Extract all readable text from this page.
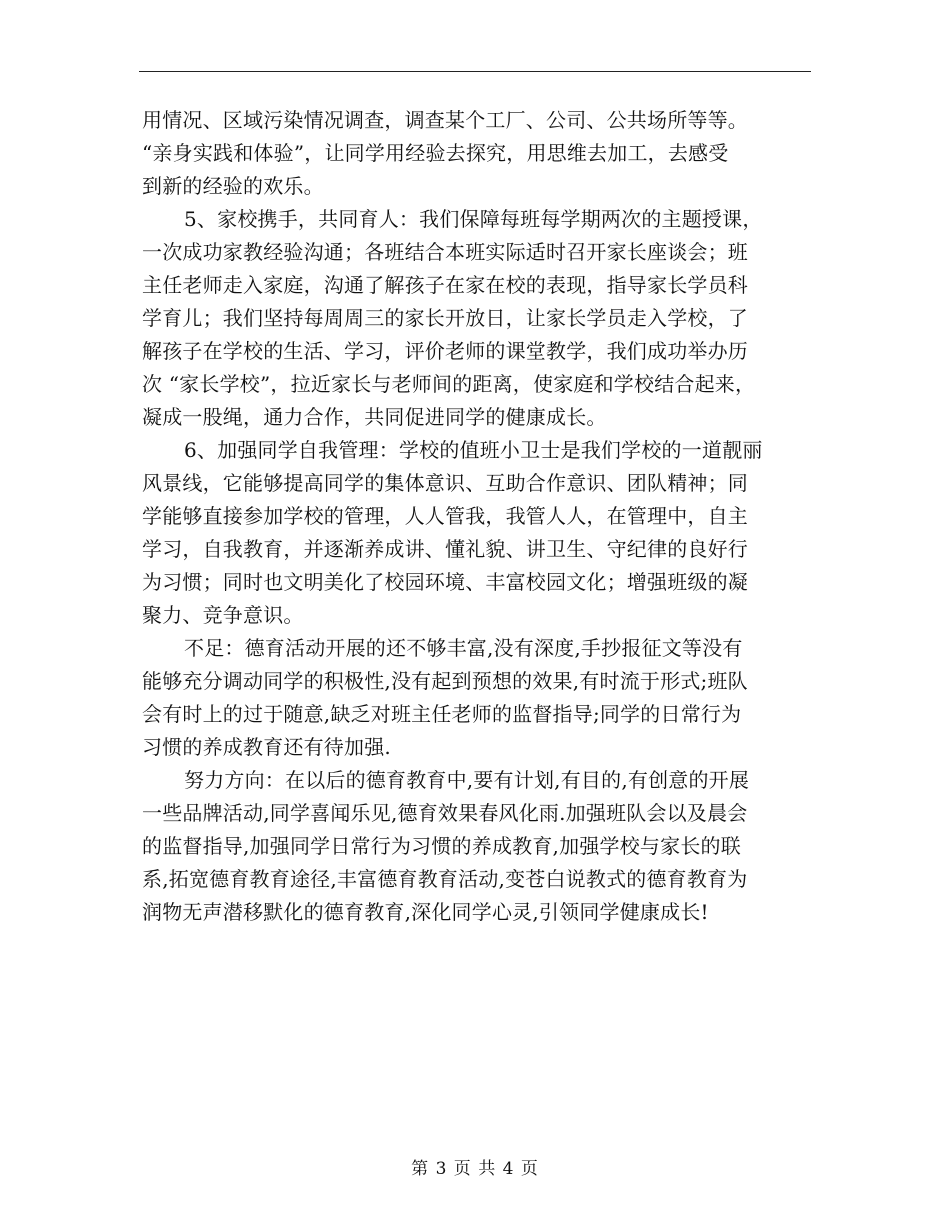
用情况、区域污染情况调查，调查某个工厂、公司、公共场所等等。
“亲身实践和体验”，让同学用经验去探究，用思维去加工，去感受
到新的经验的欢乐。
5、家校携手，共同育人：我们保障每班每学期两次的主题授课，
一次成功家教经验沟通；各班结合本班实际适时召开家长座谈会；班
主任老师走入家庭，沟通了解孩子在家在校的表现，指导家长学员科
学育儿；我们坚持每周周三的家长开放日，让家长学员走入学校，了
解孩子在学校的生活、学习，评价老师的课堂教学，我们成功举办历
次 “家长学校”，拉近家长与老师间的距离，使家庭和学校结合起来，
凝成一股绳，通力合作，共同促进同学的健康成长。
6、加强同学自我管理：学校的值班小卫士是我们学校的一道靓丽
风景线，它能够提高同学的集体意识、互助合作意识、团队精神；同
学能够直接参加学校的管理，人人管我，我管人人，在管理中，自主
学习，自我教育，并逐渐养成讲、懂礼貌、讲卫生、守纪律的良好行
为习惯；同时也文明美化了校园环境、丰富校园文化；增强班级的凝
聚力、竞争意识。
不足：德育活动开展的还不够丰富,没有深度,手抄报征文等没有
能够充分调动同学的积极性,没有起到预想的效果,有时流于形式;班队
会有时上的过于随意,缺乏对班主任老师的监督指导;同学的日常行为
习惯的养成教育还有待加强.
努力方向：在以后的德育教育中,要有计划,有目的,有创意的开展
一些品牌活动,同学喜闻乐见,德育效果春风化雨.加强班队会以及晨会
的监督指导,加强同学日常行为习惯的养成教育,加强学校与家长的联
系,拓宽德育教育途径,丰富德育教育活动,变苍白说教式的德育教育为
润物无声潜移默化的德育教育,深化同学心灵,引领同学健康成长!
第 3 页 共 4 页
